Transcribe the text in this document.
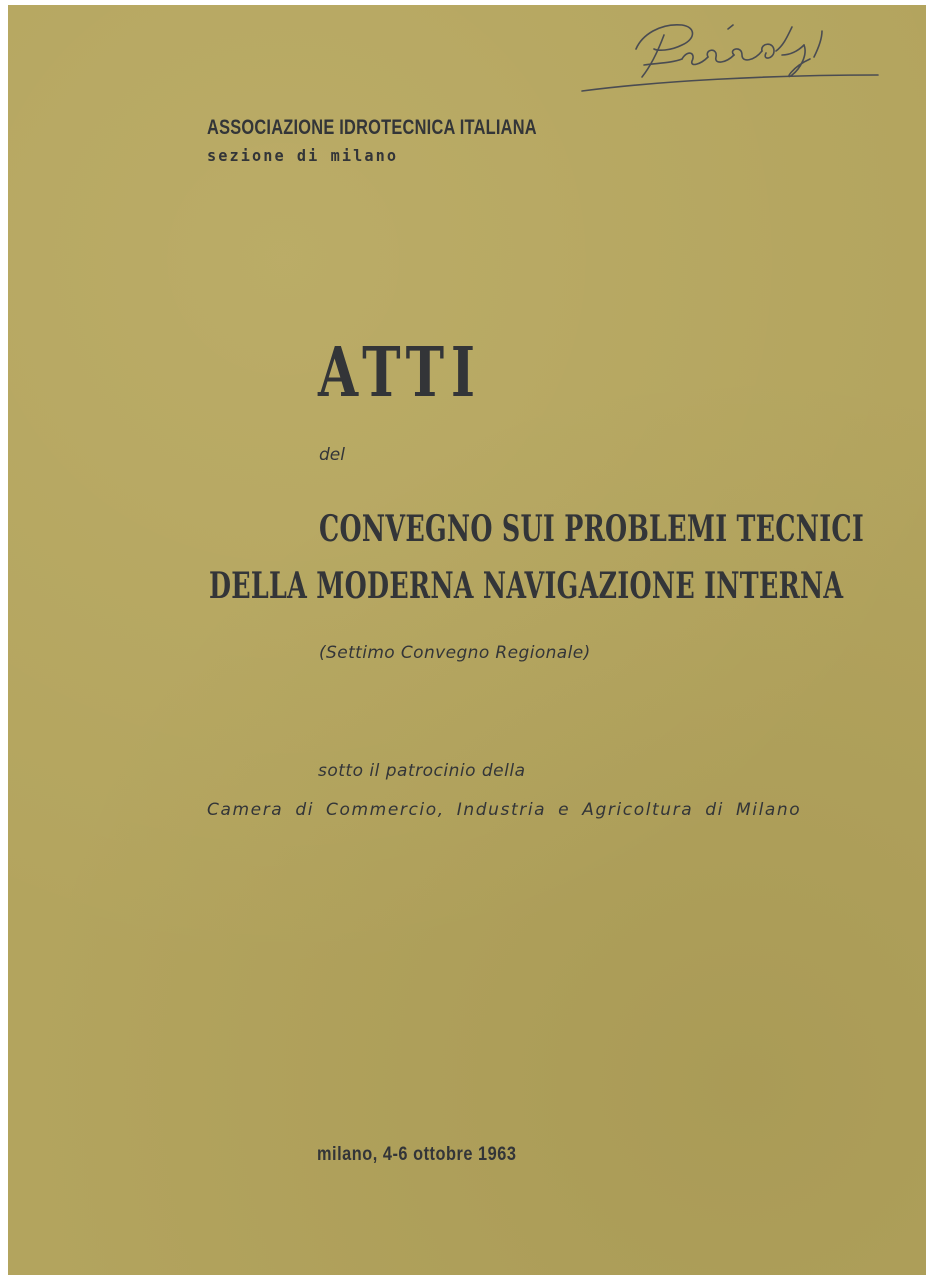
ASSOCIAZIONE IDROTECNICA ITALIANA

sezione di milano

ATTI

del

CONVEGNO SUI PROBLEMI TECNICI

DELLA MODERNA NAVIGAZIONE INTERNA

(Settimo Convegno Regionale)

sotto il patrocinio della

Camera di Commercio, Industria e Agricoltura di Milano

milano, 4-6 ottobre 1963
